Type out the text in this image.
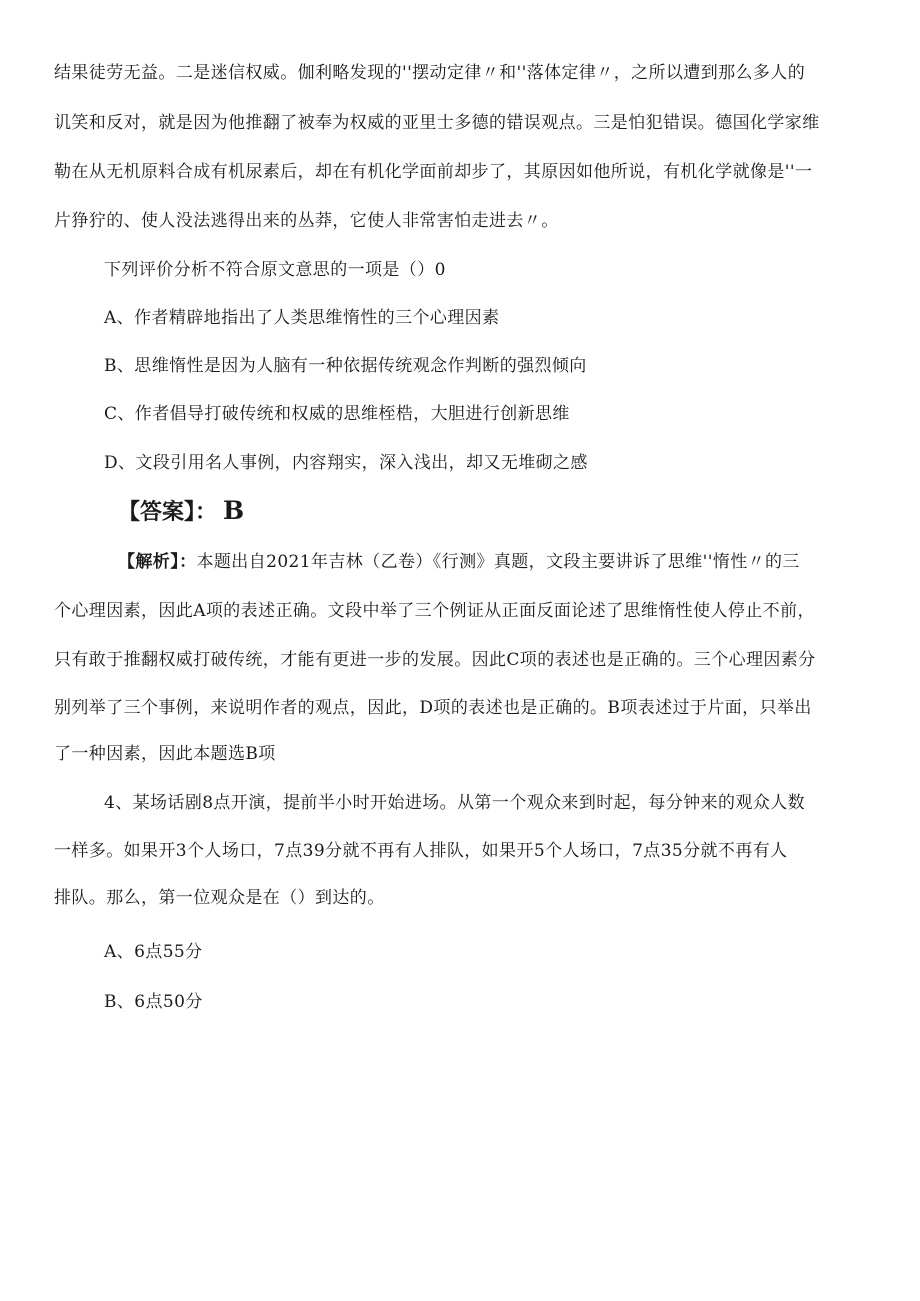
结果徒劳无益。二是迷信权威。伽利略发现的''摆动定律〃和''落体定律〃，之所以遭到那么多人的
讥笑和反对，就是因为他推翻了被奉为权威的亚里士多德的错误观点。三是怕犯错误。德国化学家维
勒在从无机原料合成有机尿素后，却在有机化学面前却步了，其原因如他所说，有机化学就像是''一
片狰狞的、使人没法逃得出来的丛莽，它使人非常害怕走进去〃。
下列评价分析不符合原文意思的一项是（）0
A、作者精辟地指出了人类思维惰性的三个心理因素
B、思维惰性是因为人脑有一种依据传统观念作判断的强烈倾向
C、作者倡导打破传统和权威的思维桎梏，大胆进行创新思维
D、文段引用名人事例，内容翔实，深入浅出，却又无堆砌之感
【答案】： B
【解析】：本题出自2021年吉林（乙卷）《行测》真题，文段主要讲诉了思维''惰性〃的三
个心理因素，因此A项的表述正确。文段中举了三个例证从正面反面论述了思维惰性使人停止不前，
只有敢于推翻权威打破传统，才能有更进一步的发展。因此C项的表述也是正确的。三个心理因素分
别列举了三个事例，来说明作者的观点，因此，D项的表述也是正确的。B项表述过于片面，只举出
了一种因素，因此本题选B项
4、某场话剧8点开演，提前半小时开始进场。从第一个观众来到时起，每分钟来的观众人数
一样多。如果开3个人场口，7点39分就不再有人排队，如果开5个人场口，7点35分就不再有人
排队。那么，第一位观众是在（）到达的。
A、6点55分
B、6点50分
